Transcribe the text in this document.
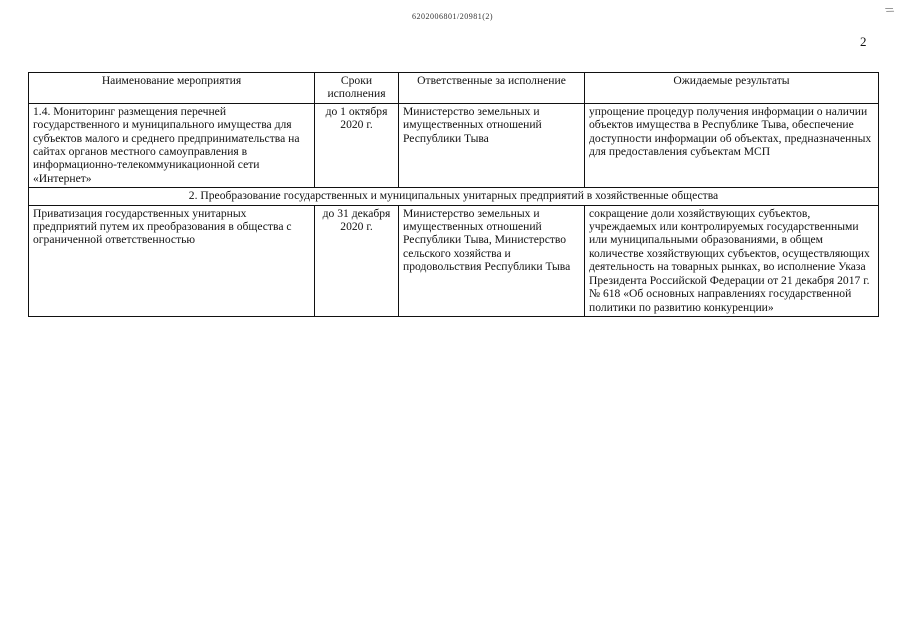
6202006801/20981(2)
//
2
Наименование мероприятия	Сроки исполнения	Ответственные за исполнение	Ожидаемые результаты
1.4. Мониторинг размещения перечней государственного и муниципального имущества для субъектов малого и среднего предпринимательства на сайтах органов местного самоуправления в информационно-телекоммуникационной сети «Интернет»	до 1 октября 2020 г.	Министерство земельных и имущественных отношений Республики Тыва	упрощение процедур получения информации о наличии объектов имущества в Республике Тыва, обеспечение доступности информации об объектах, предназначенных для предоставления субъектам МСП
2. Преобразование государственных и муниципальных унитарных предприятий в хозяйственные общества			
Приватизация государственных унитарных предприятий путем их преобразования в общества с ограниченной ответственностью	до 31 декабря 2020 г.	Министерство земельных и имущественных отношений Республики Тыва, Министерство сельского хозяйства и продовольствия Республики Тыва	сокращение доли хозяйствующих субъектов, учреждаемых или контролируемых государственными или муниципальными образованиями, в общем количестве хозяйствующих субъектов, осуществляющих деятельность на товарных рынках, во исполнение Указа Президента Российской Федерации от 21 декабря 2017 г. № 618 «Об основных направлениях государственной политики по развитию конкуренции»
